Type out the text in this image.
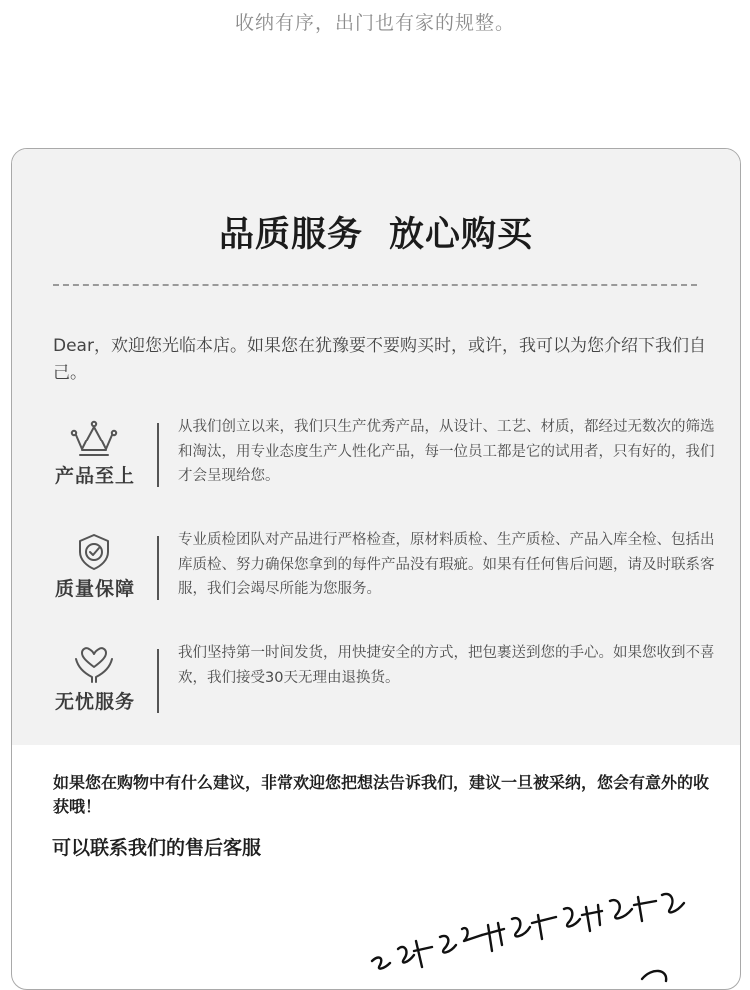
收纳有序，出门也有家的规整。
品质服务 放心购买
Dear，欢迎您光临本店。如果您在犹豫要不要购买时，或许，我可以为您介绍下我们自己。
产品至上
从我们创立以来，我们只生产优秀产品，从设计、工艺、材质，都经过无数次的筛选和淘汰，用专业态度生产人性化产品，每一位员工都是它的试用者，只有好的，我们才会呈现给您。
质量保障
专业质检团队对产品进行严格检查，原材料质检、生产质检、产品入库全检、包括出库质检、努力确保您拿到的每件产品没有瑕疵。如果有任何售后问题，请及时联系客服，我们会竭尽所能为您服务。
无忧服务
我们坚持第一时间发货，用快捷安全的方式，把包裹送到您的手心。如果您收到不喜欢，我们接受30天无理由退换货。
如果您在购物中有什么建议，非常欢迎您把想法告诉我们，建议一旦被采纳，您会有意外的收获哦！
可以联系我们的售后客服
